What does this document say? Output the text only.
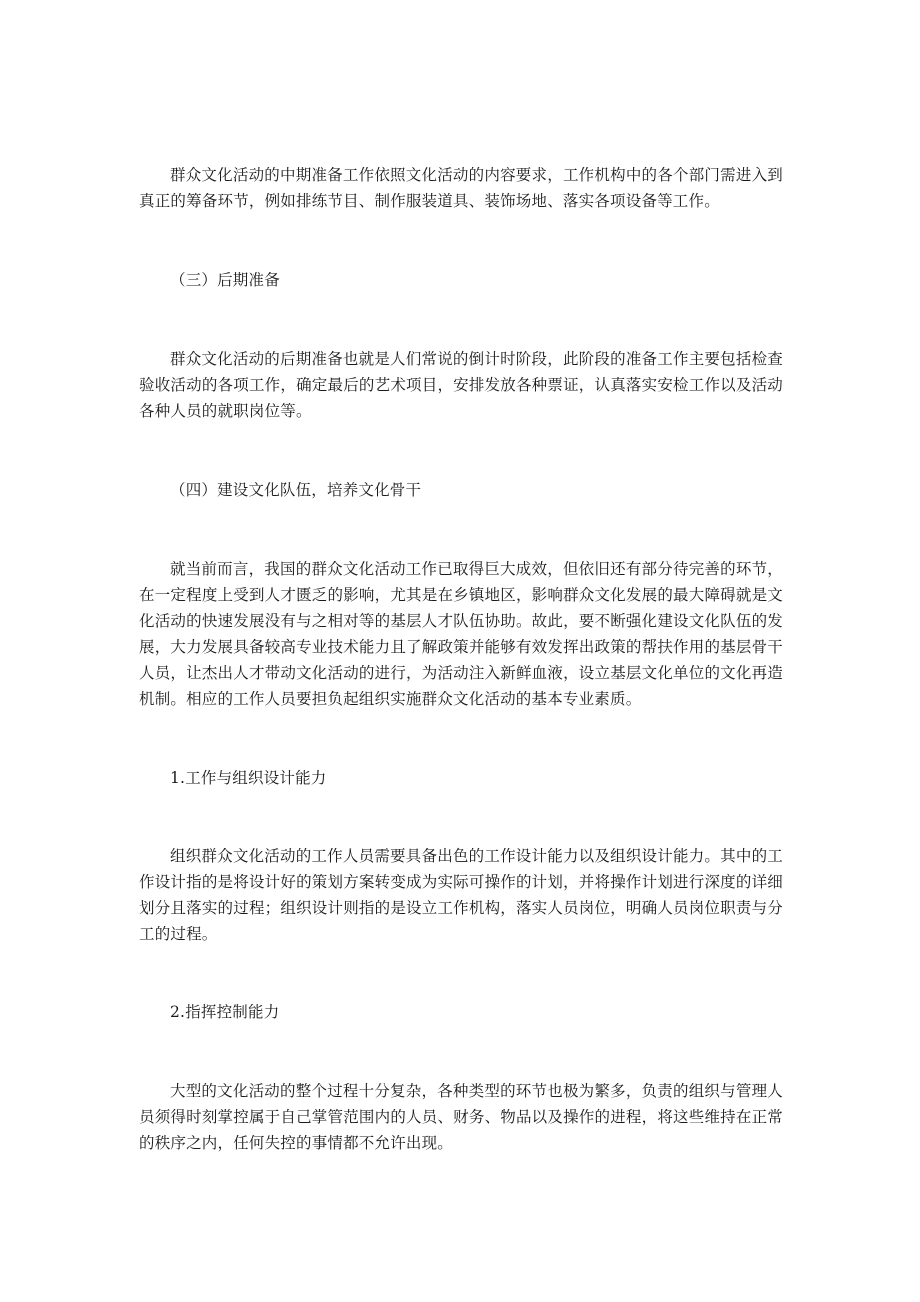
群众文化活动的中期准备工作依照文化活动的内容要求，工作机构中的各个部门需进入到真正的筹备环节，例如排练节目、制作服装道具、装饰场地、落实各项设备等工作。

（三）后期准备

群众文化活动的后期准备也就是人们常说的倒计时阶段，此阶段的准备工作主要包括检查验收活动的各项工作，确定最后的艺术项目，安排发放各种票证，认真落实安检工作以及活动各种人员的就职岗位等。

（四）建设文化队伍，培养文化骨干

就当前而言，我国的群众文化活动工作已取得巨大成效，但依旧还有部分待完善的环节，在一定程度上受到人才匮乏的影响，尤其是在乡镇地区，影响群众文化发展的最大障碍就是文化活动的快速发展没有与之相对等的基层人才队伍协助。故此，要不断强化建设文化队伍的发展，大力发展具备较高专业技术能力且了解政策并能够有效发挥出政策的帮扶作用的基层骨干人员，让杰出人才带动文化活动的进行，为活动注入新鲜血液，设立基层文化单位的文化再造机制。相应的工作人员要担负起组织实施群众文化活动的基本专业素质。

1.工作与组织设计能力

组织群众文化活动的工作人员需要具备出色的工作设计能力以及组织设计能力。其中的工作设计指的是将设计好的策划方案转变成为实际可操作的计划，并将操作计划进行深度的详细划分且落实的过程；组织设计则指的是设立工作机构，落实人员岗位，明确人员岗位职责与分工的过程。

2.指挥控制能力

大型的文化活动的整个过程十分复杂，各种类型的环节也极为繁多，负责的组织与管理人员须得时刻掌控属于自己掌管范围内的人员、财务、物品以及操作的进程，将这些维持在正常的秩序之内，任何失控的事情都不允许出现。
